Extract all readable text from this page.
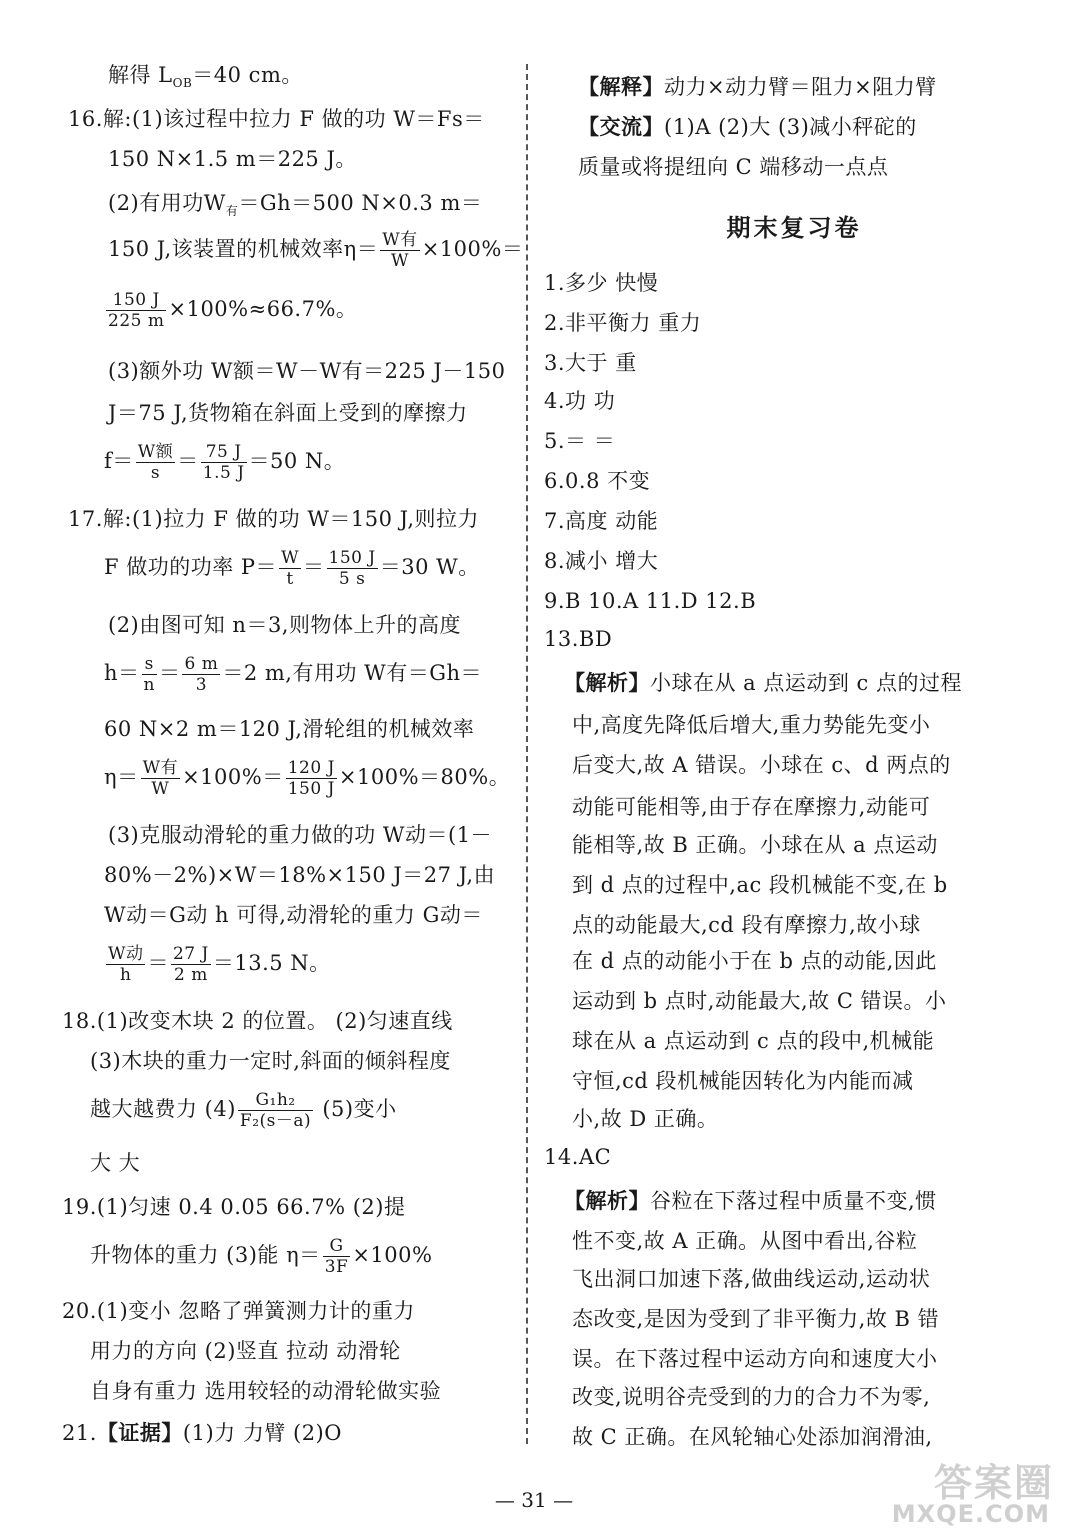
解得 $L_{OB}=40$ cm。
16.解:(1)该过程中拉力 F 做的功 W＝Fs＝
150 N×1.5 m＝225 J。
(2)有用功$W_有=Gh=500$ N×0.3 m＝
150 J,该装置的机械效率η＝ W有
W ×100%＝
$\frac{150 J}{225 m} \times 100\%\approx 66.7\%$。
(3)额外功 W额＝W－W有＝225 J－150
J＝75 J,货物箱在斜面上受到的摩擦力
f＝ W额
$s = \frac{75 J}{1.5 J} =50$ N。
17.解:(1)拉力 F 做的功 W＝150 J,则拉力
F 做功的功率 $P= \frac{W}{t} = \frac{150 J}{5 s} =30$ W。
(2)由图可知 n＝3,则物体上升的高度
$h= \frac{s}{n} = \frac{6 m}{3} =2$ m,有用功 W有＝Gh＝
60 N×2 m＝120 J,滑轮组的机械效率
η＝ W有
$W \times 100\%= \frac{120 J}{150 J} \times 100\%=80\%$。
(3)克服动滑轮的重力做的功 W动＝(1－
80%－2%)×W＝18%×150 J＝27 J,由
W动＝G动 h 可得,动滑轮的重力 G动＝
W动
$h = \frac{27 J}{2 m} =13.5$ N。
18.(1)改变木块 2 的位置。 (2)匀速直线
(3)木块的重力一定时,斜面的倾斜程度
越大越费力 $(4) \frac{\text{G₁h₂}}{\text{F₂(s－a)}} (5)$变小
大 大
19.(1)匀速 0.4 0.05 66.7% (2)提
升物体的重力 (3)能 $\eta= \frac{G}{3F} \times 100\%$
20.(1)变小 忽略了弹簧测力计的重力
用力的方向 (2)竖直 拉动 动滑轮
自身有重力 选用较轻的动滑轮做实验
21.【证据】(1)力 力臂 (2)O
【解释】动力×动力臂＝阻力×阻力臂
【交流】(1)A (2)大 (3)减小秤砣的
质量或将提纽向 C 端移动一点点
期末复习卷
1.多少 快慢
2.非平衡力 重力
3.大于 重
4.功 功
5.＝ ＝
6.0.8 不变
7.高度 动能
8.减小 增大
9.B 10.A 11.D 12.B
13.BD
【解析】小球在从 a 点运动到 c 点的过程
中,高度先降低后增大,重力势能先变小
后变大,故 A 错误。小球在 c、d 两点的
动能可能相等,由于存在摩擦力,动能可
能相等,故 B 正确。小球在从 a 点运动
到 d 点的过程中,ac 段机械能不变,在 b
点的动能最大,cd 段有摩擦力,故小球
在 d 点的动能小于在 b 点的动能,因此
运动到 b 点时,动能最大,故 C 错误。小
球在从 a 点运动到 c 点的段中,机械能
守恒,cd 段机械能因转化为内能而减
小,故 D 正确。
14.AC
【解析】谷粒在下落过程中质量不变,惯
性不变,故 A 正确。从图中看出,谷粒
飞出洞口加速下落,做曲线运动,运动状
态改变,是因为受到了非平衡力,故 B 错
误。在下落过程中运动方向和速度大小
改变,说明谷壳受到的力的合力不为零,
故 C 正确。在风轮轴心处添加润滑油,
— 31 —	答案圈
MXQE.COM
